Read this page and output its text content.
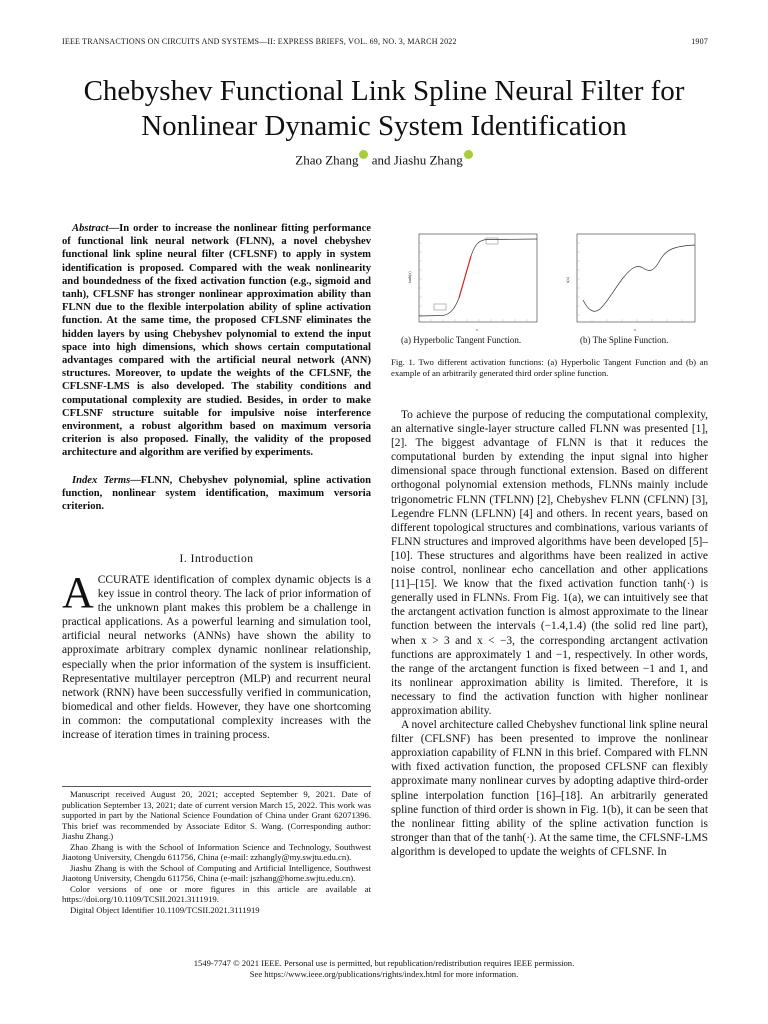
IEEE TRANSACTIONS ON CIRCUITS AND SYSTEMS—II: EXPRESS BRIEFS, VOL. 69, NO. 3, MARCH 2022	1907
Chebyshev Functional Link Spline Neural Filter for
Nonlinear Dynamic System Identification
Zhao Zhang and Jiashu Zhang
Abstract—In order to increase the nonlinear fitting performance of functional link neural network (FLNN), a novel chebyshev functional link spline neural filter (CFLSNF) to apply in system identification is proposed. Compared with the weak nonlinearity and boundedness of the fixed activation function (e.g., sigmoid and tanh), CFLSNF has stronger nonlinear approximation ability than FLNN due to the flexible interpolation ability of spline activation function. At the same time, the proposed CFLSNF eliminates the hidden layers by using Chebyshev polynomial to extend the input space into high dimensions, which shows certain computational advantages compared with the artificial neural network (ANN) structures. Moreover, to update the weights of the CFLSNF, the CFLSNF-LMS is also developed. The stability conditions and computational complexity are studied. Besides, in order to make CFLSNF structure suitable for impulsive noise interference environment, a robust algorithm based on maximum versoria criterion is also proposed. Finally, the validity of the proposed architecture and algorithm are verified by experiments.
Index Terms—FLNN, Chebyshev polynomial, spline activation function, nonlinear system identification, maximum versoria criterion.
I. Introduction
ACCURATE identification of complex dynamic objects is a key issue in control theory. The lack of prior information of the unknown plant makes this problem be a challenge in practical applications. As a powerful learning and simulation tool, artificial neural networks (ANNs) have shown the ability to approximate arbitrary complex dynamic nonlinear relationship, especially when the prior information of the system is insufficient. Representative multilayer perceptron (MLP) and recurrent neural network (RNN) have been successfully verified in communication, biomedical and other fields. However, they have one shortcoming in common: the computational complexity increases with the increase of iteration times in training process.

Manuscript received August 20, 2021; accepted September 9, 2021. Date of publication September 13, 2021; date of current version March 15, 2022. This work was supported in part by the National Science Foundation of China under Grant 62071396. This brief was recommended by Associate Editor S. Wang. (Corresponding author: Jiashu Zhang.)

Zhao Zhang is with the School of Information Science and Technology, Southwest Jiaotong University, Chengdu 611756, China (e-mail: zzhangly@my.swjtu.edu.cn).

Jiashu Zhang is with the School of Computing and Artificial Intelligence, Southwest Jiaotong University, Chengdu 611756, China (e-mail: jszhang@home.swjtu.edu.cn).

Color versions of one or more figures in this article are available at https://doi.org/10.1109/TCSII.2021.3111919.

Digital Object Identifier 10.1109/TCSII.2021.3111919

tanh(x)
x
s(x)
x
(a) Hyperbolic Tangent Function.	(b) The Spline Function.
Fig. 1. Two different activation functions: (a) Hyperbolic Tangent Function and (b) an example of an arbitrarily generated third order spline function.

To achieve the purpose of reducing the computational complexity, an alternative single-layer structure called FLNN was presented [1], [2]. The biggest advantage of FLNN is that it reduces the computational burden by extending the input signal into higher dimensional space through functional extension. Based on different orthogonal polynomial extension methods, FLNNs mainly include trigonometric FLNN (TFLNN) [2], Chebyshev FLNN (CFLNN) [3], Legendre FLNN (LFLNN) [4] and others. In recent years, based on different topological structures and combinations, various variants of FLNN structures and improved algorithms have been developed [5]–[10]. These structures and algorithms have been realized in active noise control, nonlinear echo cancellation and other applications [11]–[15]. We know that the fixed activation function tanh(·) is generally used in FLNNs. From Fig. 1(a), we can intuitively see that the arctangent activation function is almost approximate to the linear function between the intervals (−1.4,1.4) (the solid red line part), when x > 3 and x < −3, the corresponding arctangent activation functions are approximately 1 and −1, respectively. In other words, the range of the arctangent function is fixed between −1 and 1, and its nonlinear approximation ability is limited. Therefore, it is necessary to find the activation function with higher nonlinear approximation ability.

A novel architecture called Chebyshev functional link spline neural filter (CFLSNF) has been presented to improve the nonlinear approxiation capability of FLNN in this brief. Compared with FLNN with fixed activation function, the proposed CFLSNF can flexibly approximate many nonlinear curves by adopting adaptive third-order spline interpolation function [16]–[18]. An arbitrarily generated spline function of third order is shown in Fig. 1(b), it can be seen that the nonlinear fitting ability of the spline activation function is stronger than that of the tanh(·). At the same time, the CFLSNF-LMS algorithm is developed to update the weights of CFLSNF. In

1549-7747 © 2021 IEEE. Personal use is permitted, but republication/redistribution requires IEEE permission.
See https://www.ieee.org/publications/rights/index.html for more information.
